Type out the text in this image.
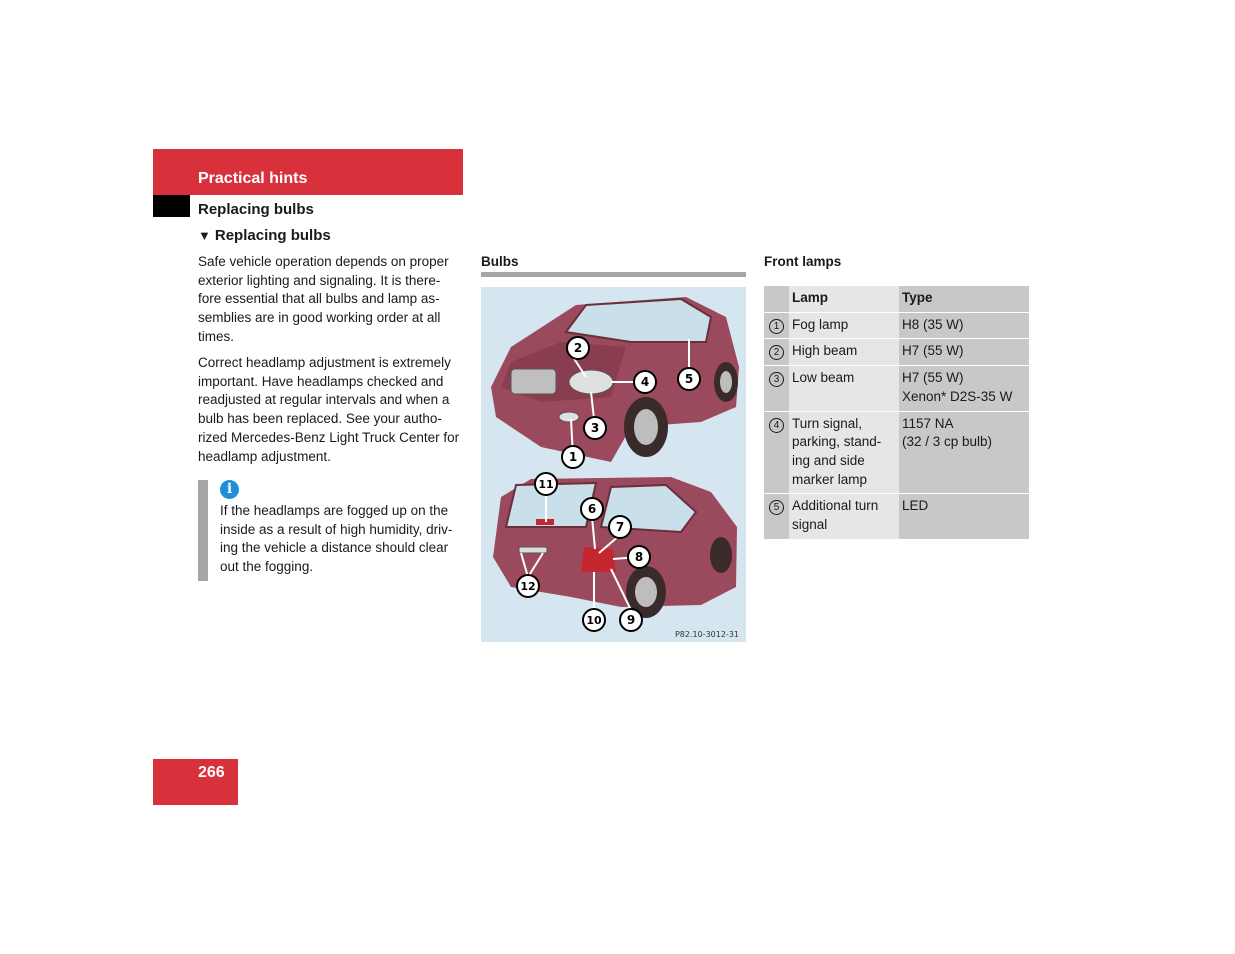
Practical hints
Replacing bulbs
▼ Replacing bulbs
Safe vehicle operation depends on proper exterior lighting and signaling. It is there-fore essential that all bulbs and lamp as-semblies are in good working order at all times.
Correct headlamp adjustment is extremely important. Have headlamps checked and readjusted at regular intervals and when a bulb has been replaced. See your autho-rized Mercedes-Benz Light Truck Center for headlamp adjustment.
i
If the headlamps are fogged up on the inside as a result of high humidity, driv-ing the vehicle a distance should clear out the fogging.
Bulbs
1
2
3
4	5
6
7
8
9
10
11
12
P82.10-3012-31
Front lamps
	Lamp	Type
1	Fog lamp	H8 (35 W)
2	High beam	H7 (55 W)
3	Low beam	H7 (55 W)
Xenon* D2S-35 W
4	Turn signal, parking, stand-ing and side marker lamp	1157 NA
(32 / 3 cp bulb)
5	Additional turn signal	LED
266
